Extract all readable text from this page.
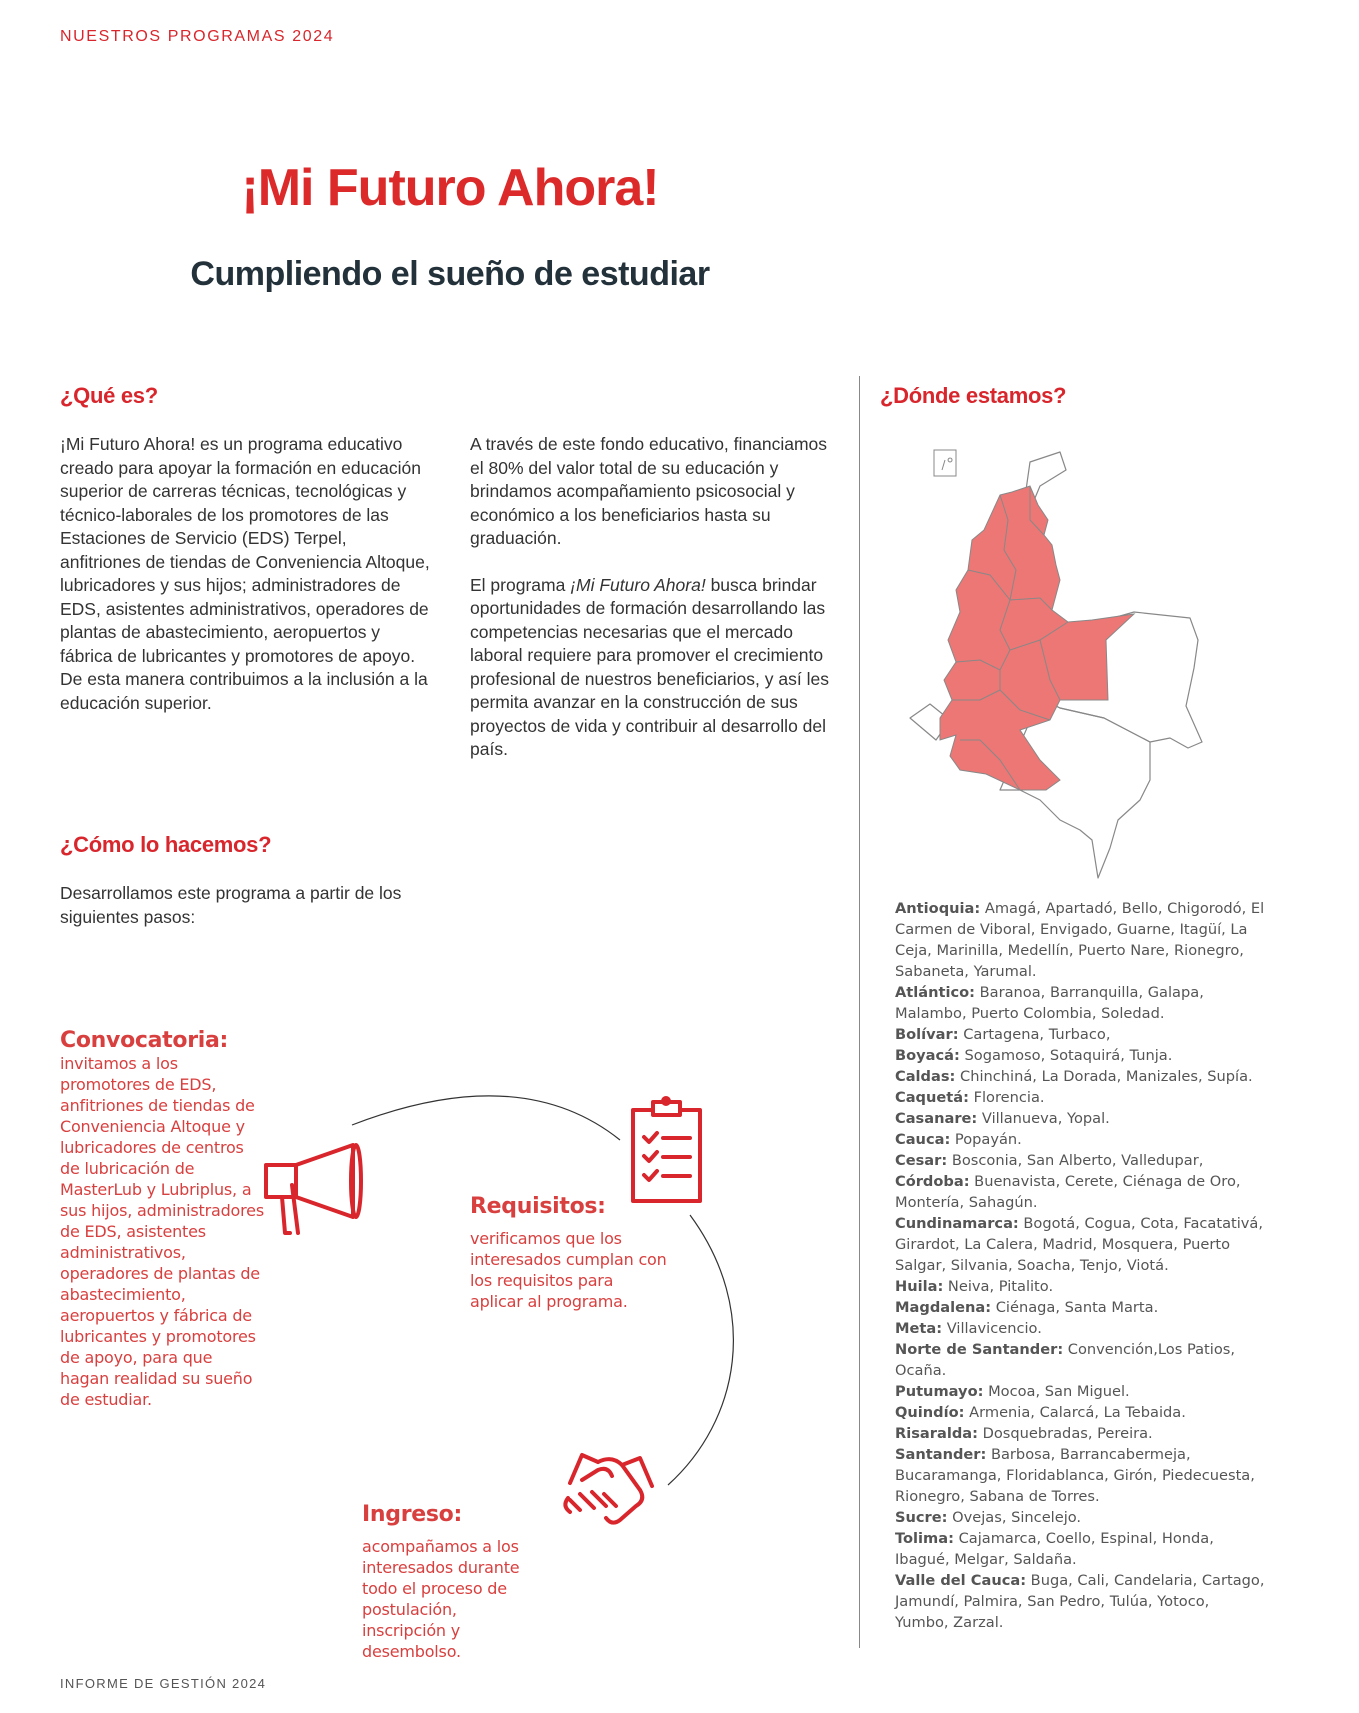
NUESTROS PROGRAMAS 2024
¡Mi Futuro Ahora!
Cumpliendo el sueño de estudiar
¿Qué es?

¡Mi Futuro Ahora! es un programa educativo creado para apoyar la formación en educación superior de carreras técnicas, tecnológicas y técnico-laborales de los promotores de las Estaciones de Servicio (EDS) Terpel, anfitriones de tiendas de Conveniencia Altoque, lubricadores y sus hijos; administradores de EDS, asistentes administrativos, operadores de plantas de abastecimiento, aeropuertos y fábrica de lubricantes y promotores de apoyo. De esta manera contribuimos a la inclusión a la educación superior.

A través de este fondo educativo, financiamos el 80% del valor total de su educación y brindamos acompañamiento psicosocial y económico a los beneficiarios hasta su graduación.

El programa ¡Mi Futuro Ahora! busca brindar oportunidades de formación desarrollando las competencias necesarias que el mercado laboral requiere para promover el crecimiento profesional de nuestros beneficiarios, y así les permita avanzar en la construcción de sus proyectos de vida y contribuir al desarrollo del país.

¿Cómo lo hacemos?
Desarrollamos este programa a partir de los siguientes pasos:
Convocatoria:
invitamos a los promotores de EDS, anfitriones de tiendas de Conveniencia Altoque y lubricadores de centros de lubricación de MasterLub y Lubriplus, a sus hijos, administradores de EDS, asistentes administrativos, operadores de plantas de abastecimiento, aeropuertos y fábrica de lubricantes y promotores de apoyo, para que hagan realidad su sueño de estudiar.
Requisitos:
verificamos que los interesados cumplan con los requisitos para aplicar al programa.
Ingreso:
acompañamos a los interesados durante todo el proceso de postulación, inscripción y desembolso.
¿Dónde estamos?
Antioquia: Amagá, Apartadó, Bello, Chigorodó, El Carmen de Viboral, Envigado, Guarne, Itagüí, La Ceja, Marinilla, Medellín, Puerto Nare, Rionegro, Sabaneta, Yarumal.
Atlántico: Baranoa, Barranquilla, Galapa, Malambo, Puerto Colombia, Soledad.
Bolívar: Cartagena, Turbaco,
Boyacá: Sogamoso, Sotaquirá, Tunja.
Caldas: Chinchiná, La Dorada, Manizales, Supía.
Caquetá: Florencia.
Casanare: Villanueva, Yopal.
Cauca: Popayán.
Cesar: Bosconia, San Alberto, Valledupar,
Córdoba: Buenavista, Cerete, Ciénaga de Oro, Montería, Sahagún.
Cundinamarca: Bogotá, Cogua, Cota, Facatativá, Girardot, La Calera, Madrid, Mosquera, Puerto Salgar, Silvania, Soacha, Tenjo, Viotá.
Huila: Neiva, Pitalito.
Magdalena: Ciénaga, Santa Marta.
Meta: Villavicencio.
Norte de Santander: Convención,Los Patios, Ocaña.
Putumayo: Mocoa, San Miguel.
Quindío: Armenia, Calarcá, La Tebaida.
Risaralda: Dosquebradas, Pereira.
Santander: Barbosa, Barrancabermeja, Bucaramanga, Floridablanca, Girón, Piedecuesta, Rionegro, Sabana de Torres.
Sucre: Ovejas, Sincelejo.
Tolima: Cajamarca, Coello, Espinal, Honda, Ibagué, Melgar, Saldaña.
Valle del Cauca: Buga, Cali, Candelaria, Cartago, Jamundí, Palmira, San Pedro, Tulúa, Yotoco, Yumbo, Zarzal.
INFORME DE GESTIÓN 2024
